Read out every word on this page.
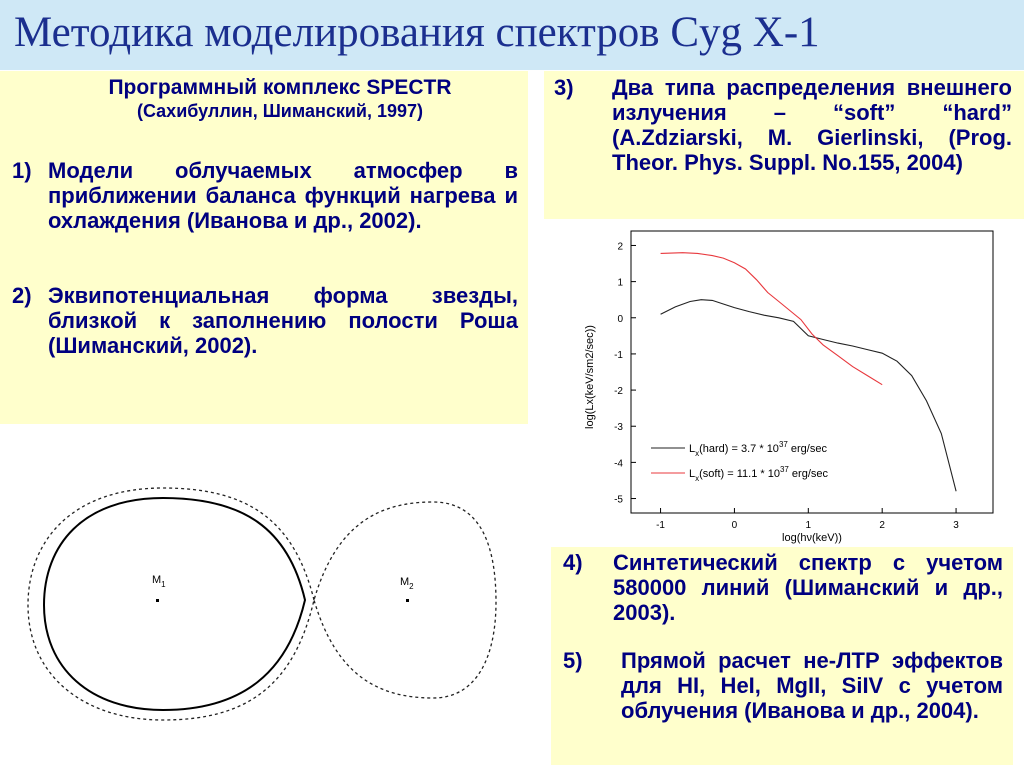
Методика моделирования спектров Cyg X-1
Программный комплекс SPECTR
(Сахибуллин, Шиманский, 1997)
1) Модели облучаемых атмосфер в приближении баланса функций нагрева и охлаждения (Иванова и др., 2002).
2) Эквипотенциальная форма звезды, близкой к заполнению полости Роша (Шиманский, 2002).
3)	Два типа распределения внешнего излучения – “soft” “hard” (A.Zdziarski, M. Gierlinski, (Prog. Theor. Phys. Suppl. No.155, 2004)
-1	0	1	2	3
2
1
0
-1
-2
-3
-4
-5
log(hν(keV))
log(Lx(keV/sm2/sec))
$L_x(hard) = 3.7 * 10^{37}$ erg/sec
$L_x(soft) = 11.1 * 10^{37}$ erg/sec
$M_1$	$M_2$
4)	Синтетический спектр с учетом 580000 линий (Шиманский и др., 2003).
5)	Прямой расчет не-ЛТР эффектов для HI, HeI, MgII, SiIV с учетом облучения (Иванова и др., 2004).
